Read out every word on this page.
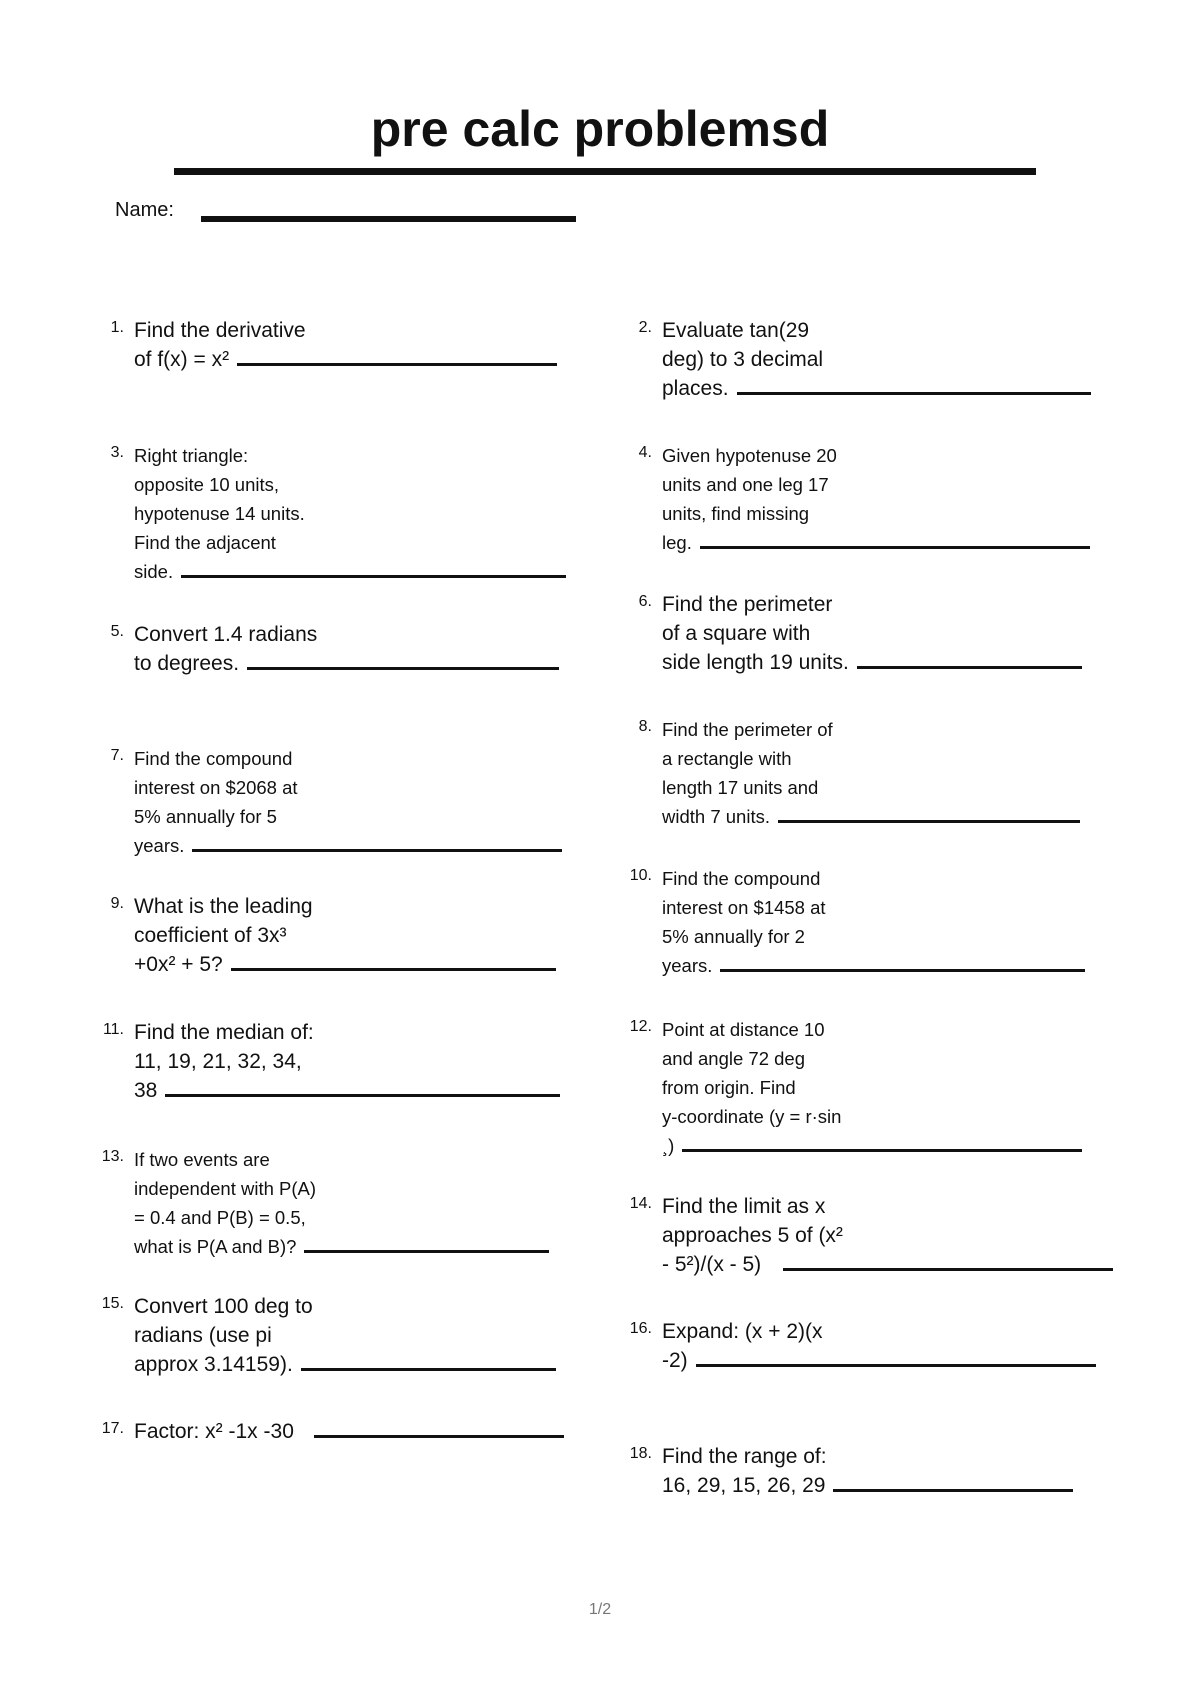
pre calc problemsd
Name:
1. Find the derivative
of f(x) = x²
3. Right triangle:
opposite 10 units,
hypotenuse 14 units.
Find the adjacent
side.
5. Convert 1.4 radians
to degrees.
7. Find the compound
interest on $2068 at
5% annually for 5
years.
9. What is the leading
coefficient of 3x³
+0x² + 5?
11. Find the median of:
11, 19, 21, 32, 34,
38
13. If two events are
independent with P(A)
= 0.4 and P(B) = 0.5,
what is P(A and B)?
15. Convert 100 deg to
radians (use pi
approx 3.14159).
17. Factor: x² -1x -30
2. Evaluate tan(29
deg) to 3 decimal
places.
4. Given hypotenuse 20
units and one leg 17
units, find missing
leg.
6. Find the perimeter
of a square with
side length 19 units.
8. Find the perimeter of
a rectangle with
length 17 units and
width 7 units.
10. Find the compound
interest on $1458 at
5% annually for 2
years.
12. Point at distance 10
and angle 72 deg
from origin. Find
y-coordinate (y = r·sin
¸)
14. Find the limit as x
approaches 5 of (x²
- 5²)/(x - 5)
16. Expand: (x + 2)(x
-2)
18. Find the range of:
16, 29, 15, 26, 29
1/2
